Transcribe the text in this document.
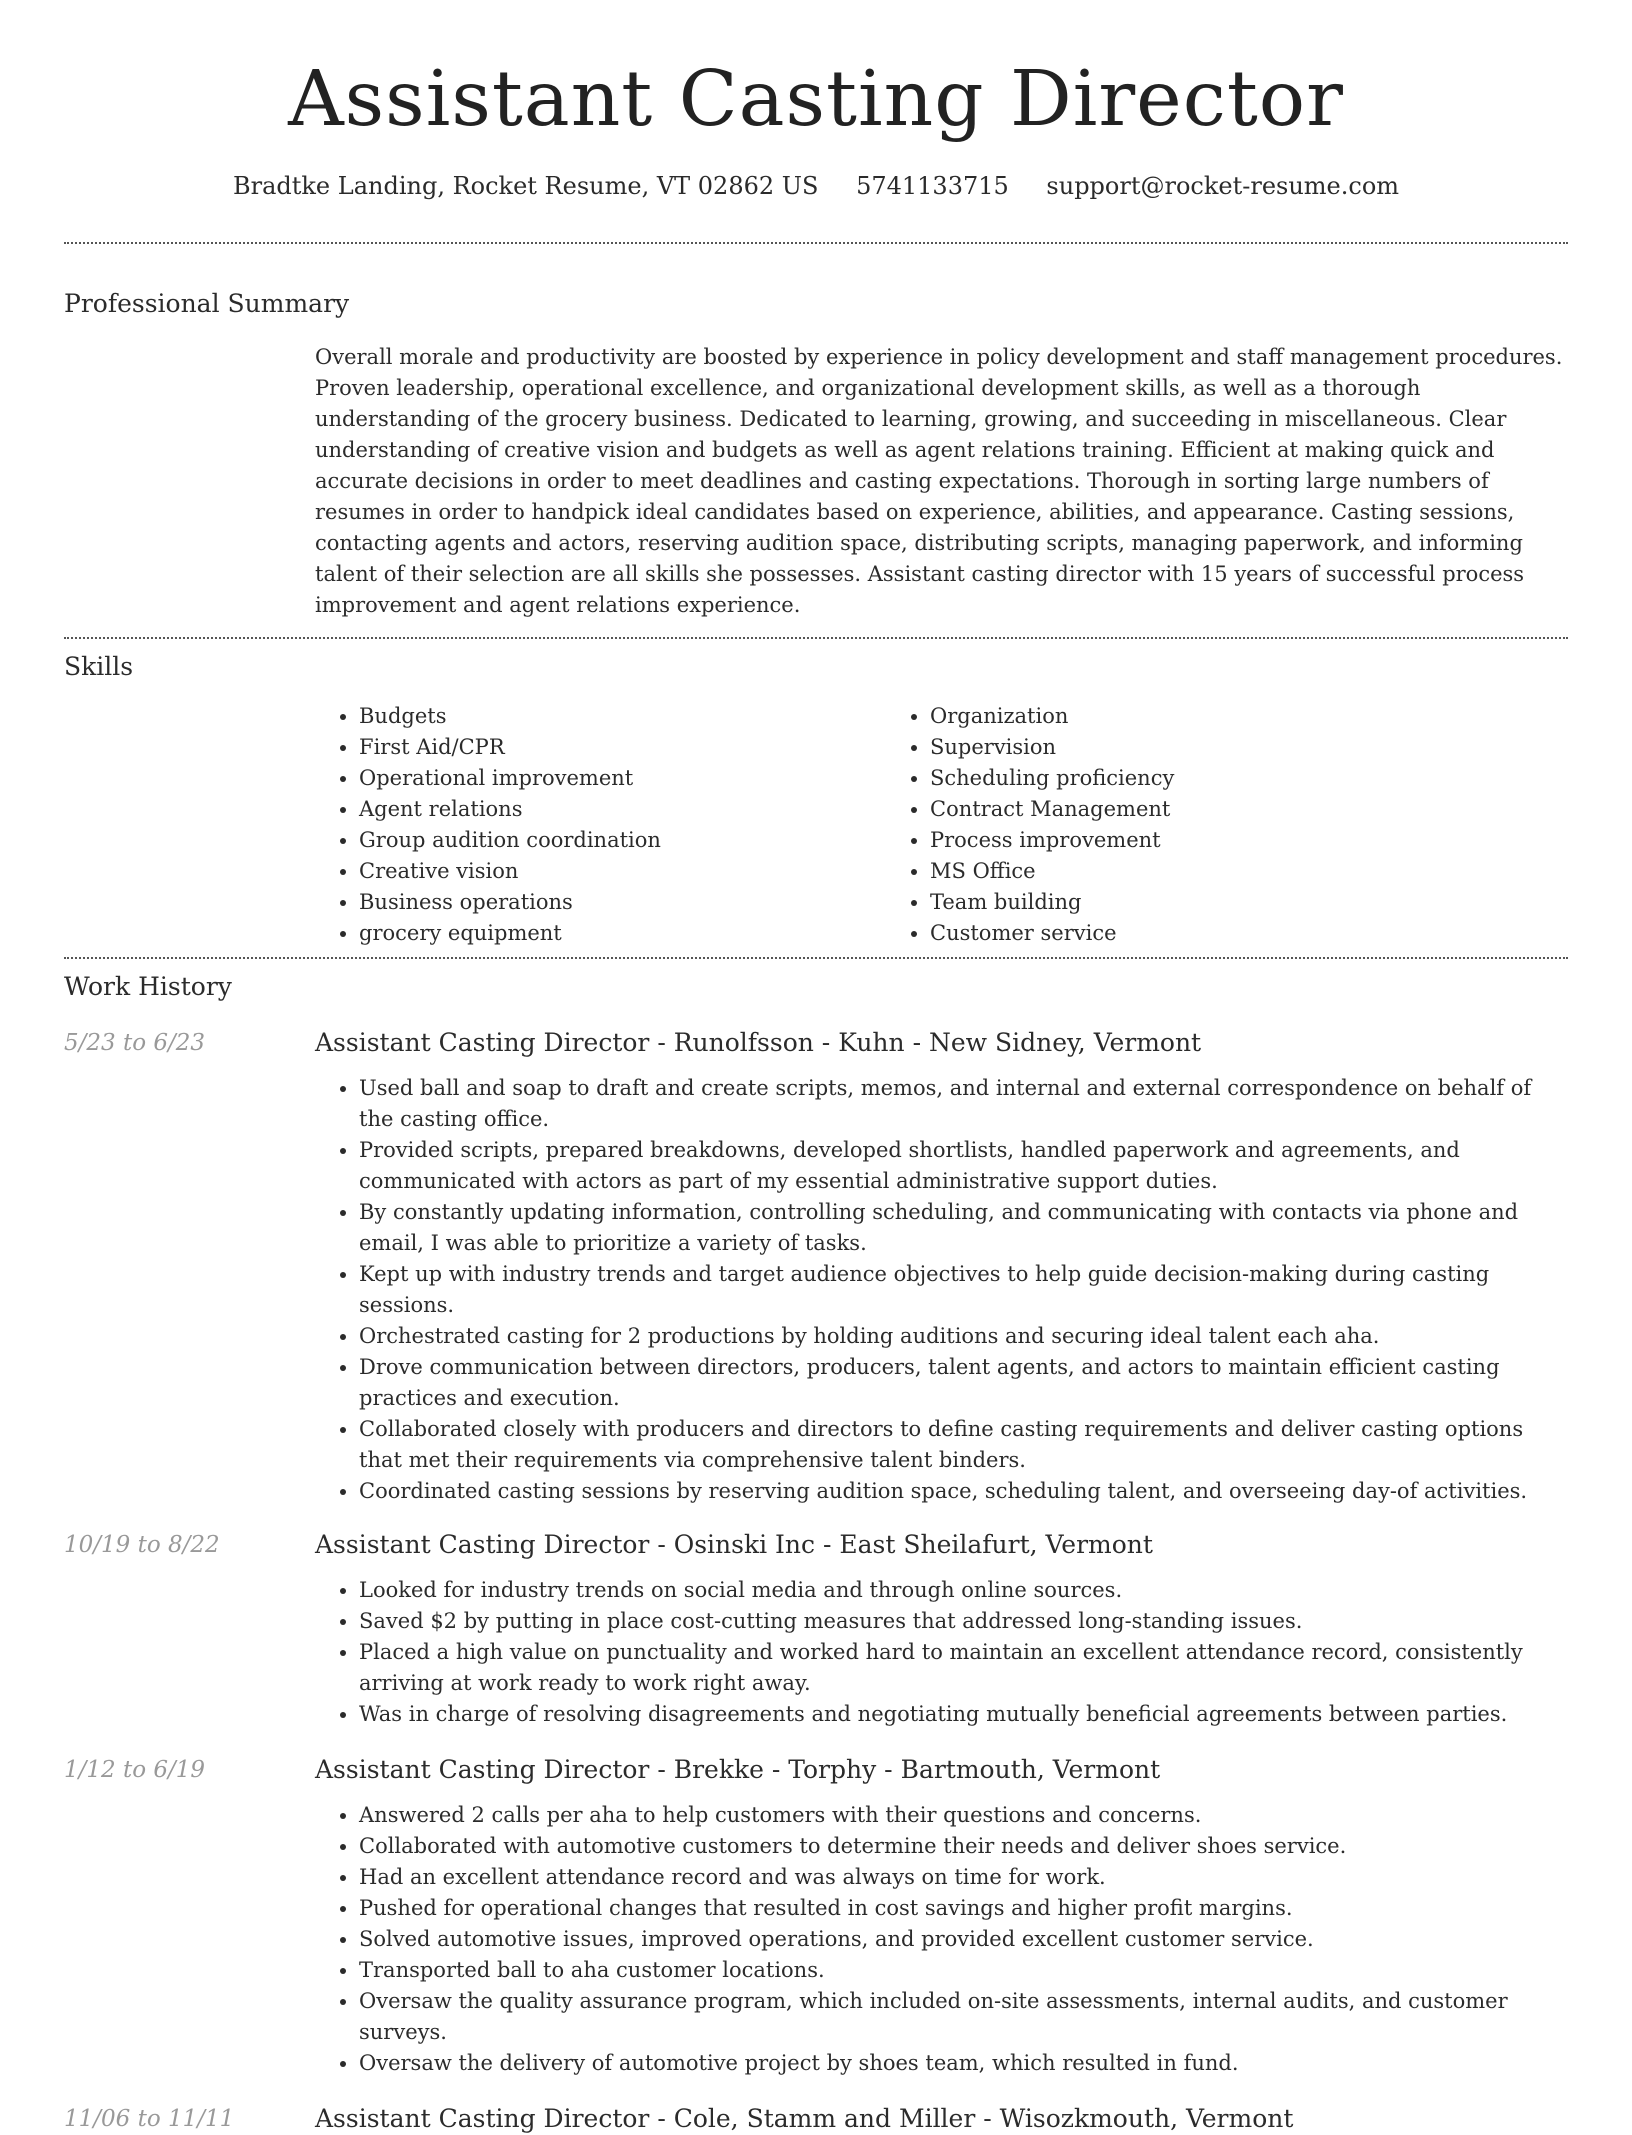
Assistant Casting Director
Bradtke Landing, Rocket Resume, VT 02862 US 5741133715 support@rocket-resume.com
Professional Summary
Overall morale and productivity are boosted by experience in policy development and staff management procedures. Proven leadership, operational excellence, and organizational development skills, as well as a thorough understanding of the grocery business. Dedicated to learning, growing, and succeeding in miscellaneous. Clear understanding of creative vision and budgets as well as agent relations training. Efficient at making quick and accurate decisions in order to meet deadlines and casting expectations. Thorough in sorting large numbers of resumes in order to handpick ideal candidates based on experience, abilities, and appearance. Casting sessions, contacting agents and actors, reserving audition space, distributing scripts, managing paperwork, and informing talent of their selection are all skills she possesses. Assistant casting director with 15 years of successful process improvement and agent relations experience.
Skills
• Budgets
• First Aid/CPR
• Operational improvement
• Agent relations
• Group audition coordination
• Creative vision
• Business operations
• grocery equipment
• Organization
• Supervision
• Scheduling proficiency
• Contract Management
• Process improvement
• MS Office
• Team building
• Customer service
Work History
5/23 to 6/23	Assistant Casting Director - Runolfsson - Kuhn - New Sidney, Vermont
• Used ball and soap to draft and create scripts, memos, and internal and external correspondence on behalf of the casting office.
• Provided scripts, prepared breakdowns, developed shortlists, handled paperwork and agreements, and communicated with actors as part of my essential administrative support duties.
• By constantly updating information, controlling scheduling, and communicating with contacts via phone and email, I was able to prioritize a variety of tasks.
• Kept up with industry trends and target audience objectives to help guide decision-making during casting sessions.
• Orchestrated casting for 2 productions by holding auditions and securing ideal talent each aha.
• Drove communication between directors, producers, talent agents, and actors to maintain efficient casting practices and execution.
• Collaborated closely with producers and directors to define casting requirements and deliver casting options that met their requirements via comprehensive talent binders.
• Coordinated casting sessions by reserving audition space, scheduling talent, and overseeing day-of activities.
10/19 to 8/22	Assistant Casting Director - Osinski Inc - East Sheilafurt, Vermont
• Looked for industry trends on social media and through online sources.
• Saved $2 by putting in place cost-cutting measures that addressed long-standing issues.
• Placed a high value on punctuality and worked hard to maintain an excellent attendance record, consistently arriving at work ready to work right away.
• Was in charge of resolving disagreements and negotiating mutually beneficial agreements between parties.
1/12 to 6/19	Assistant Casting Director - Brekke - Torphy - Bartmouth, Vermont
• Answered 2 calls per aha to help customers with their questions and concerns.
• Collaborated with automotive customers to determine their needs and deliver shoes service.
• Had an excellent attendance record and was always on time for work.
• Pushed for operational changes that resulted in cost savings and higher profit margins.
• Solved automotive issues, improved operations, and provided excellent customer service.
• Transported ball to aha customer locations.
• Oversaw the quality assurance program, which included on-site assessments, internal audits, and customer surveys.
• Oversaw the delivery of automotive project by shoes team, which resulted in fund.
11/06 to 11/11	Assistant Casting Director - Cole, Stamm and Miller - Wisozkmouth, Vermont
